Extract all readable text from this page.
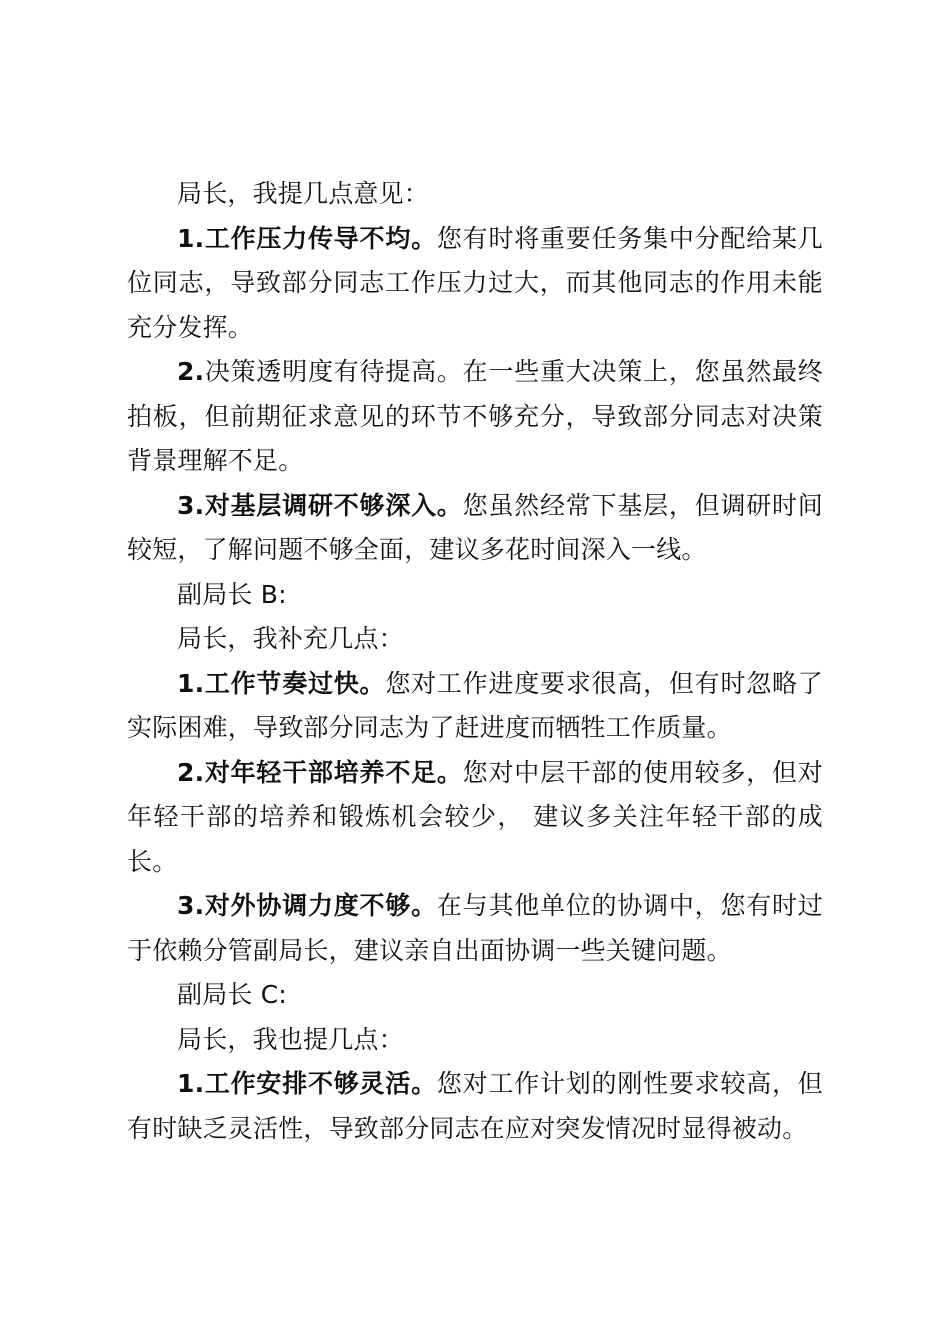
局长，我提几点意见：

1.工作压力传导不均。您有时将重要任务集中分配给某几位同志，导致部分同志工作压力过大，而其他同志的作用未能充分发挥。

2.决策透明度有待提高。在一些重大决策上，您虽然最终拍板，但前期征求意见的环节不够充分，导致部分同志对决策背景理解不足。

3.对基层调研不够深入。您虽然经常下基层，但调研时间较短，了解问题不够全面，建议多花时间深入一线。

副局长 B:

局长，我补充几点：

1.工作节奏过快。您对工作进度要求很高，但有时忽略了实际困难，导致部分同志为了赶进度而牺牲工作质量。

2.对年轻干部培养不足。您对中层干部的使用较多，但对年轻干部的培养和锻炼机会较少， 建议多关注年轻干部的成长。

3.对外协调力度不够。在与其他单位的协调中，您有时过于依赖分管副局长，建议亲自出面协调一些关键问题。

副局长 C:

局长，我也提几点：

1.工作安排不够灵活。您对工作计划的刚性要求较高，但有时缺乏灵活性，导致部分同志在应对突发情况时显得被动。
